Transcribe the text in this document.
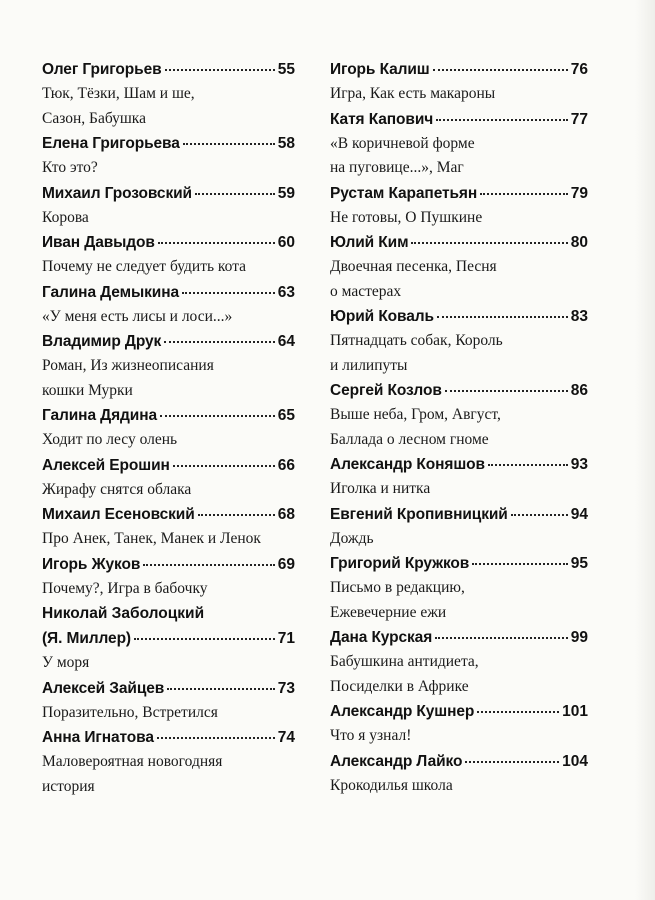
Олег Григорьев	55
Тюк, Тёзки, Шам и ше,
Сазон, Бабушка
Елена Григорьева	58
Кто это?
Михаил Грозовский	59
Корова
Иван Давыдов	60
Почему не следует будить кота
Галина Демыкина	63
«У меня есть лисы и лоси...»
Владимир Друк	64
Роман, Из жизнеописания
кошки Мурки
Галина Дядина	65
Ходит по лесу олень
Алексей Ерошин	66
Жирафу снятся облака
Михаил Есеновский	68
Про Анек, Танек, Манек и Ленок
Игорь Жуков	69
Почему?, Игра в бабочку
Николай Заболоцкий
(Я. Миллер)	71
У моря
Алексей Зайцев	73
Поразительно, Встретился
Анна Игнатова	74
Маловероятная новогодняя
история
Игорь Калиш	76
Игра, Как есть макароны
Катя Капович	77
«В коричневой форме
на пуговице...», Маг
Рустам Карапетьян	79
Не готовы, О Пушкине
Юлий Ким	80
Двоечная песенка, Песня
о мастерах
Юрий Коваль	83
Пятнадцать собак, Король
и лилипуты
Сергей Козлов	86
Выше неба, Гром, Август,
Баллада о лесном гноме
Александр Коняшов	93
Иголка и нитка
Евгений Кропивницкий	94
Дождь
Григорий Кружков	95
Письмо в редакцию,
Ежевечерние ежи
Дана Курская	99
Бабушкина антидиета,
Посиделки в Африке
Александр Кушнер	101
Что я узнал!
Александр Лайко	104
Крокодилья школа
